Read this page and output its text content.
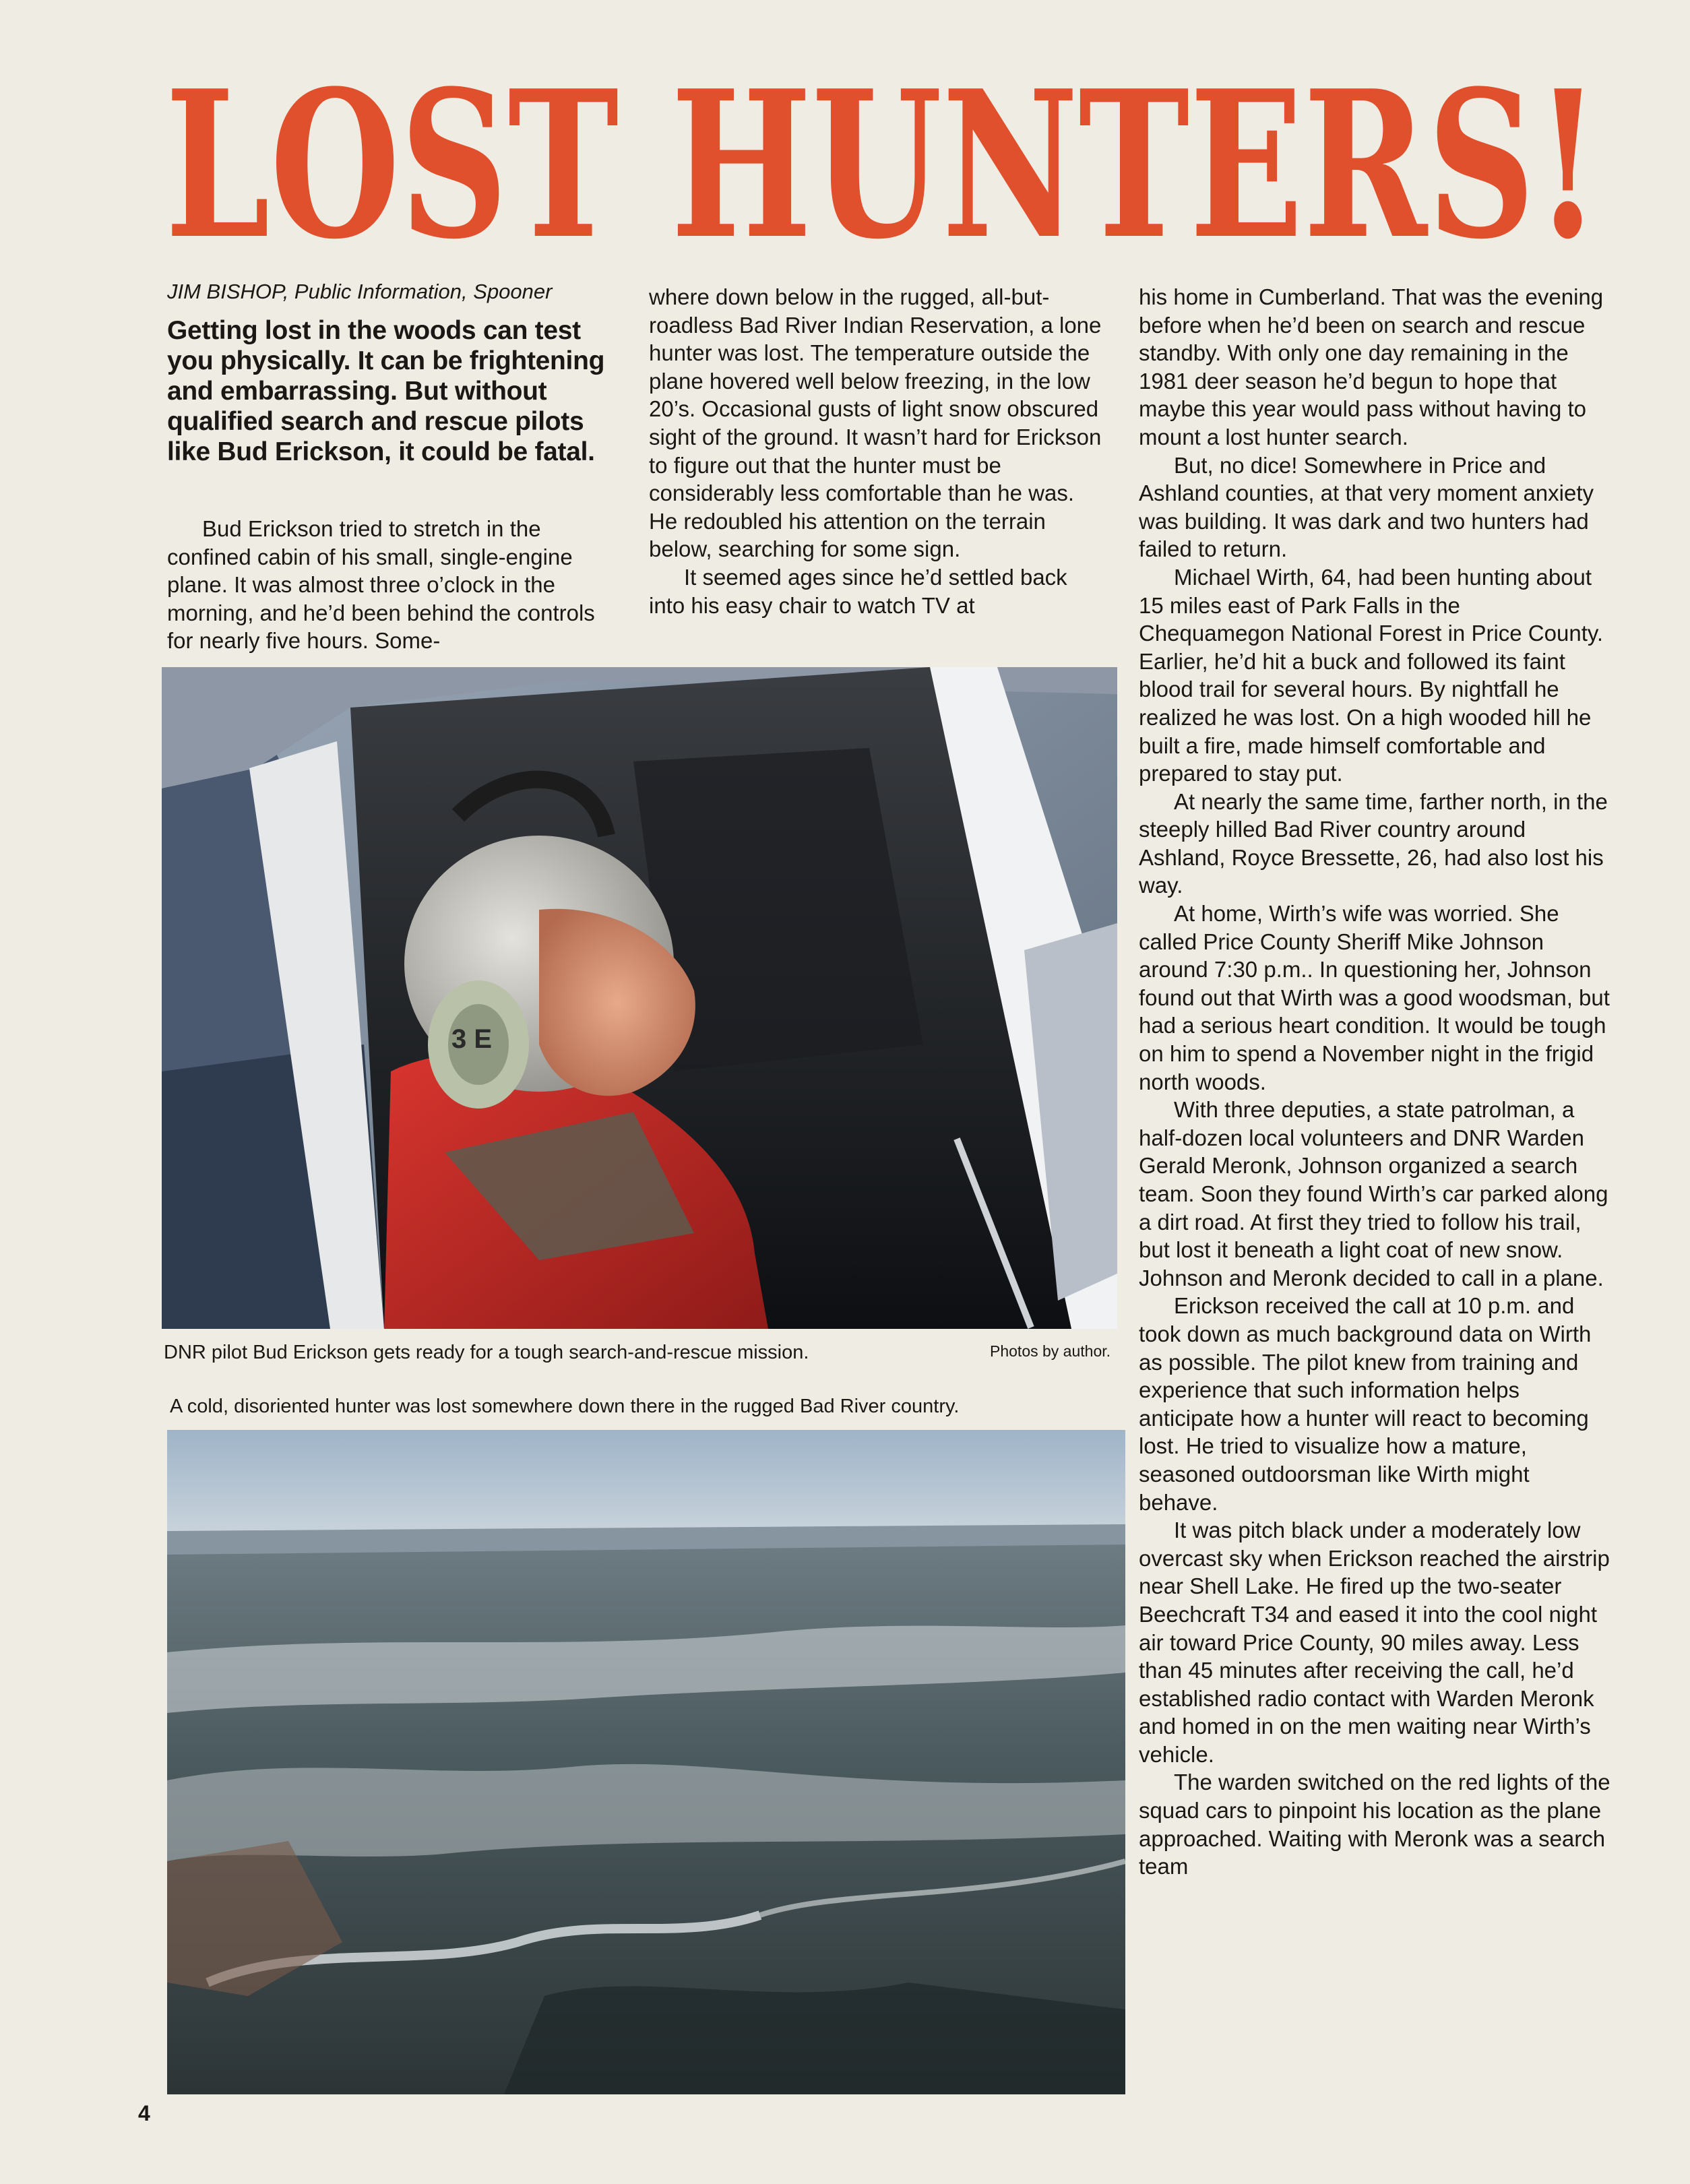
LOST HUNTERS!
JIM BISHOP, Public Information, Spooner
Getting lost in the woods can test you physically. It can be frightening and embarrassing. But without qualified search and rescue pilots like Bud Erickson, it could be fatal.

Bud Erickson tried to stretch in the confined cabin of his small, single-engine plane. It was almost three o’clock in the morning, and he’d been behind the controls for nearly five hours. Some-

where down below in the rugged, all-but-roadless Bad River Indian Reservation, a lone hunter was lost. The temperature outside the plane hovered well below freezing, in the low 20’s. Occasional gusts of light snow obscured sight of the ground. It wasn’t hard for Erickson to figure out that the hunter must be considerably less comfortable than he was. He redoubled his attention on the terrain below, searching for some sign.

It seemed ages since he’d settled back into his easy chair to watch TV at

his home in Cumberland. That was the evening before when he’d been on search and rescue standby. With only one day remaining in the 1981 deer season he’d begun to hope that maybe this year would pass without having to mount a lost hunter search.

But, no dice! Somewhere in Price and Ashland counties, at that very moment anxiety was building. It was dark and two hunters had failed to return.

Michael Wirth, 64, had been hunting about 15 miles east of Park Falls in the Chequamegon National Forest in Price County. Earlier, he’d hit a buck and followed its faint blood trail for several hours. By nightfall he realized he was lost. On a high wooded hill he built a fire, made himself comfortable and prepared to stay put.

At nearly the same time, farther north, in the steeply hilled Bad River country around Ashland, Royce Bressette, 26, had also lost his way.

At home, Wirth’s wife was worried. She called Price County Sheriff Mike Johnson around 7:30 p.m.. In questioning her, Johnson found out that Wirth was a good woodsman, but had a serious heart condition. It would be tough on him to spend a November night in the frigid north woods.

With three deputies, a state patrolman, a half-dozen local volunteers and DNR Warden Gerald Meronk, Johnson organized a search team. Soon they found Wirth’s car parked along a dirt road. At first they tried to follow his trail, but lost it beneath a light coat of new snow. Johnson and Meronk decided to call in a plane.

Erickson received the call at 10 p.m. and took down as much background data on Wirth as possible. The pilot knew from training and experience that such information helps anticipate how a hunter will react to becoming lost. He tried to visualize how a mature, seasoned outdoorsman like Wirth might behave.

It was pitch black under a moderately low overcast sky when Erickson reached the airstrip near Shell Lake. He fired up the two-seater Beechcraft T34 and eased it into the cool night air toward Price County, 90 miles away. Less than 45 minutes after receiving the call, he’d established radio contact with Warden Meronk and homed in on the men waiting near Wirth’s vehicle.

The warden switched on the red lights of the squad cars to pinpoint his location as the plane approached. Waiting with Meronk was a search team

3 E
DNR pilot Bud Erickson gets ready for a tough search-and-rescue mission.	Photos by author.
A cold, disoriented hunter was lost somewhere down there in the rugged Bad River country.
4
